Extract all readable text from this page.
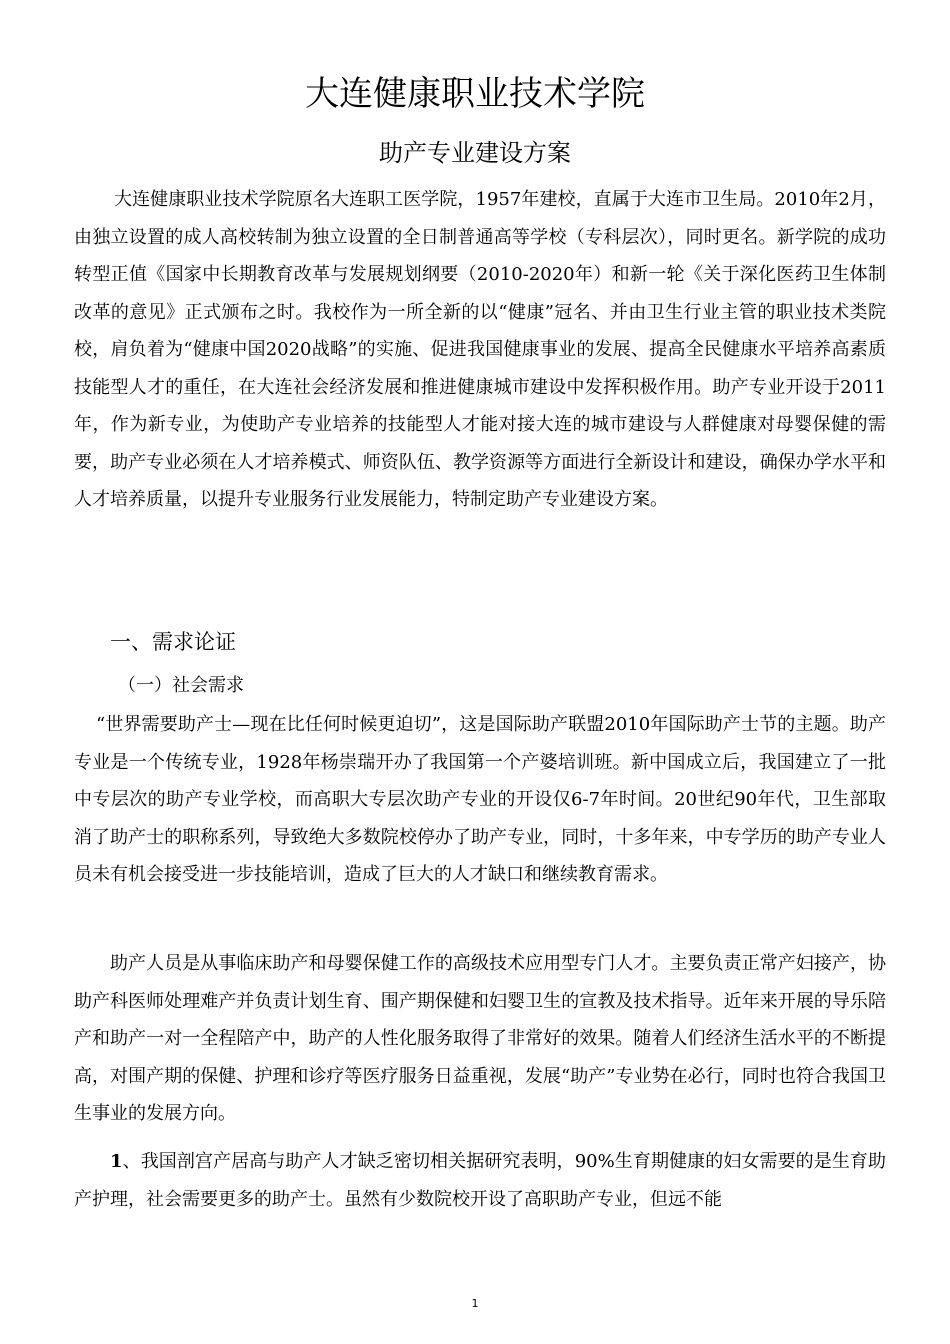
大连健康职业技术学院
助产专业建设方案

大连健康职业技术学院原名大连职工医学院，1957年建校，直属于大连市卫生局。2010年2月，由独立设置的成人高校转制为独立设置的全日制普通高等学校（专科层次），同时更名。新学院的成功转型正值《国家中长期教育改革与发展规划纲要（2010-2020年）和新一轮《关于深化医药卫生体制改革的意见》正式颁布之时。我校作为一所全新的以“健康”冠名、并由卫生行业主管的职业技术类院校，肩负着为“健康中国2020战略”的实施、促进我国健康事业的发展、提高全民健康水平培养高素质技能型人才的重任，在大连社会经济发展和推进健康城市建设中发挥积极作用。助产专业开设于2011年，作为新专业，为使助产专业培养的技能型人才能对接大连的城市建设与人群健康对母婴保健的需要，助产专业必须在人才培养模式、师资队伍、教学资源等方面进行全新设计和建设，确保办学水平和人才培养质量，以提升专业服务行业发展能力，特制定助产专业建设方案。

一、需求论证
（一）社会需求

“世界需要助产士—现在比任何时候更迫切”，这是国际助产联盟2010年国际助产士节的主题。助产专业是一个传统专业，1928年杨崇瑞开办了我国第一个产婆培训班。新中国成立后，我国建立了一批中专层次的助产专业学校，而高职大专层次助产专业的开设仅6-7年时间。20世纪90年代，卫生部取消了助产士的职称系列，导致绝大多数院校停办了助产专业，同时，十多年来，中专学历的助产专业人员未有机会接受进一步技能培训，造成了巨大的人才缺口和继续教育需求。

助产人员是从事临床助产和母婴保健工作的高级技术应用型专门人才。主要负责正常产妇接产，协助产科医师处理难产并负责计划生育、围产期保健和妇婴卫生的宣教及技术指导。近年来开展的导乐陪产和助产一对一全程陪产中，助产的人性化服务取得了非常好的效果。随着人们经济生活水平的不断提高，对围产期的保健、护理和诊疗等医疗服务日益重视，发展“助产”专业势在必行，同时也符合我国卫生事业的发展方向。

1、我国剖宫产居高与助产人才缺乏密切相关据研究表明，90%生育期健康的妇女需要的是生育助产护理，社会需要更多的助产士。虽然有少数院校开设了高职助产专业，但远不能

1
